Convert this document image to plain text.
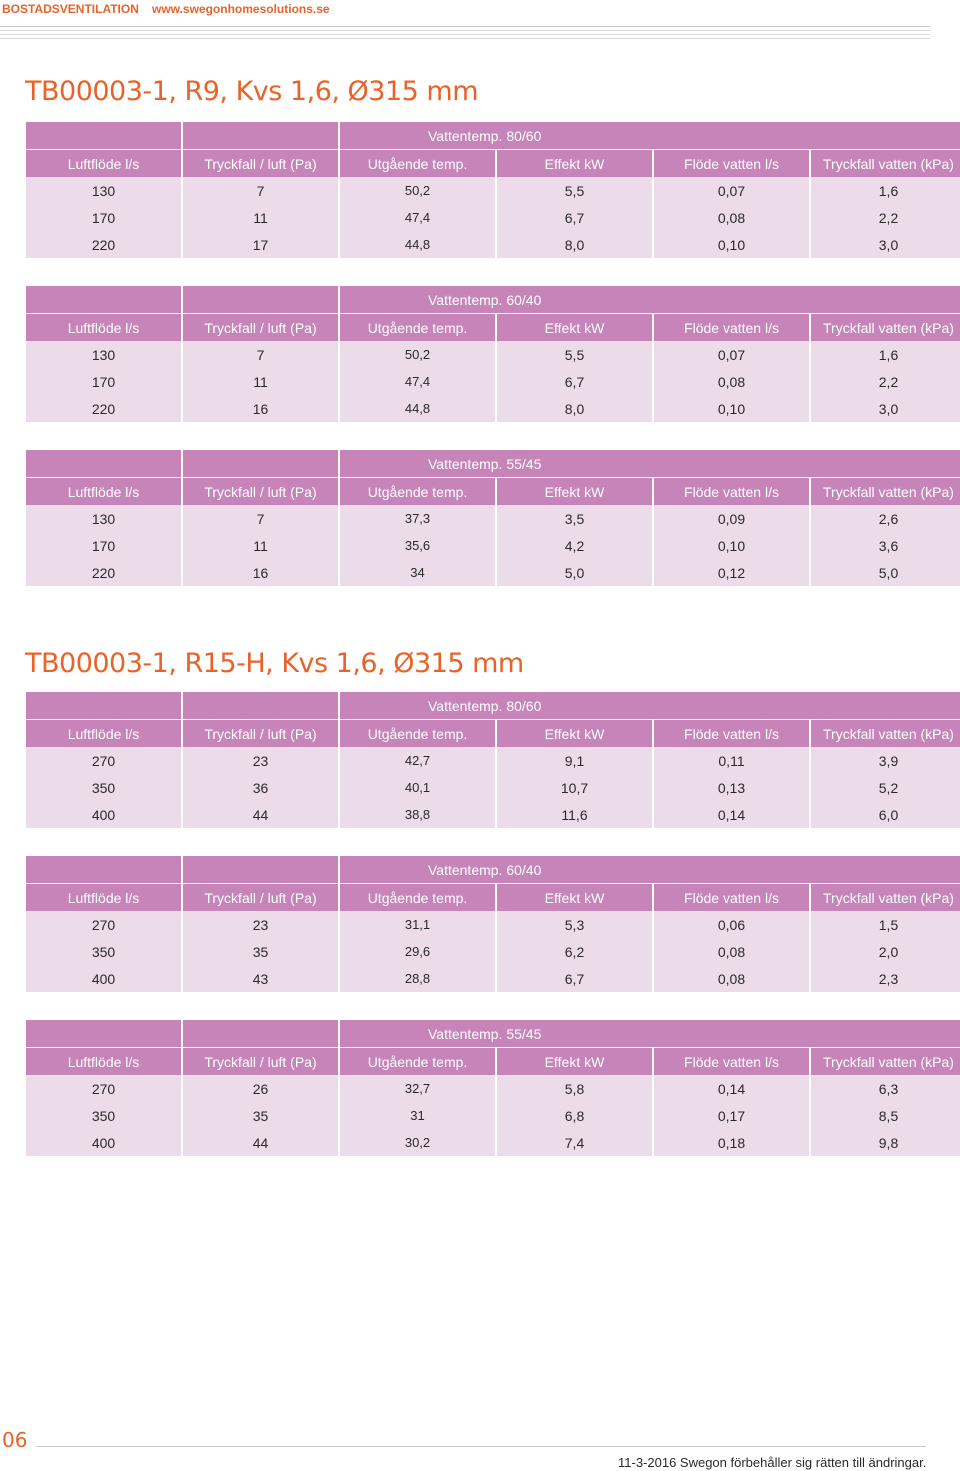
BOSTADSVENTILATION www.swegonhomesolutions.se
TB00003-1, R9, Kvs 1,6, Ø315 mm
		Vattentemp. 80/60			
Luftflöde l/s	Tryckfall / luft (Pa)	Utgående temp.	Effekt kW	Flöde vatten l/s	Tryckfall vatten (kPa)
130	7	50,2	5,5	0,07	1,6
170	11	47,4	6,7	0,08	2,2
220	17	44,8	8,0	0,10	3,0
		Vattentemp. 60/40			
Luftflöde l/s	Tryckfall / luft (Pa)	Utgående temp.	Effekt kW	Flöde vatten l/s	Tryckfall vatten (kPa)
130	7	50,2	5,5	0,07	1,6
170	11	47,4	6,7	0,08	2,2
220	16	44,8	8,0	0,10	3,0
		Vattentemp. 55/45			
Luftflöde l/s	Tryckfall / luft (Pa)	Utgående temp.	Effekt kW	Flöde vatten l/s	Tryckfall vatten (kPa)
130	7	37,3	3,5	0,09	2,6
170	11	35,6	4,2	0,10	3,6
220	16	34	5,0	0,12	5,0
TB00003-1, R15-H, Kvs 1,6, Ø315 mm
		Vattentemp. 80/60			
Luftflöde l/s	Tryckfall / luft (Pa)	Utgående temp.	Effekt kW	Flöde vatten l/s	Tryckfall vatten (kPa)
270	23	42,7	9,1	0,11	3,9
350	36	40,1	10,7	0,13	5,2
400	44	38,8	11,6	0,14	6,0
		Vattentemp. 60/40			
Luftflöde l/s	Tryckfall / luft (Pa)	Utgående temp.	Effekt kW	Flöde vatten l/s	Tryckfall vatten (kPa)
270	23	31,1	5,3	0,06	1,5
350	35	29,6	6,2	0,08	2,0
400	43	28,8	6,7	0,08	2,3
		Vattentemp. 55/45			
Luftflöde l/s	Tryckfall / luft (Pa)	Utgående temp.	Effekt kW	Flöde vatten l/s	Tryckfall vatten (kPa)
270	26	32,7	5,8	0,14	6,3
350	35	31	6,8	0,17	8,5
400	44	30,2	7,4	0,18	9,8
06
11-3-2016 Swegon förbehåller sig rätten till ändringar.
